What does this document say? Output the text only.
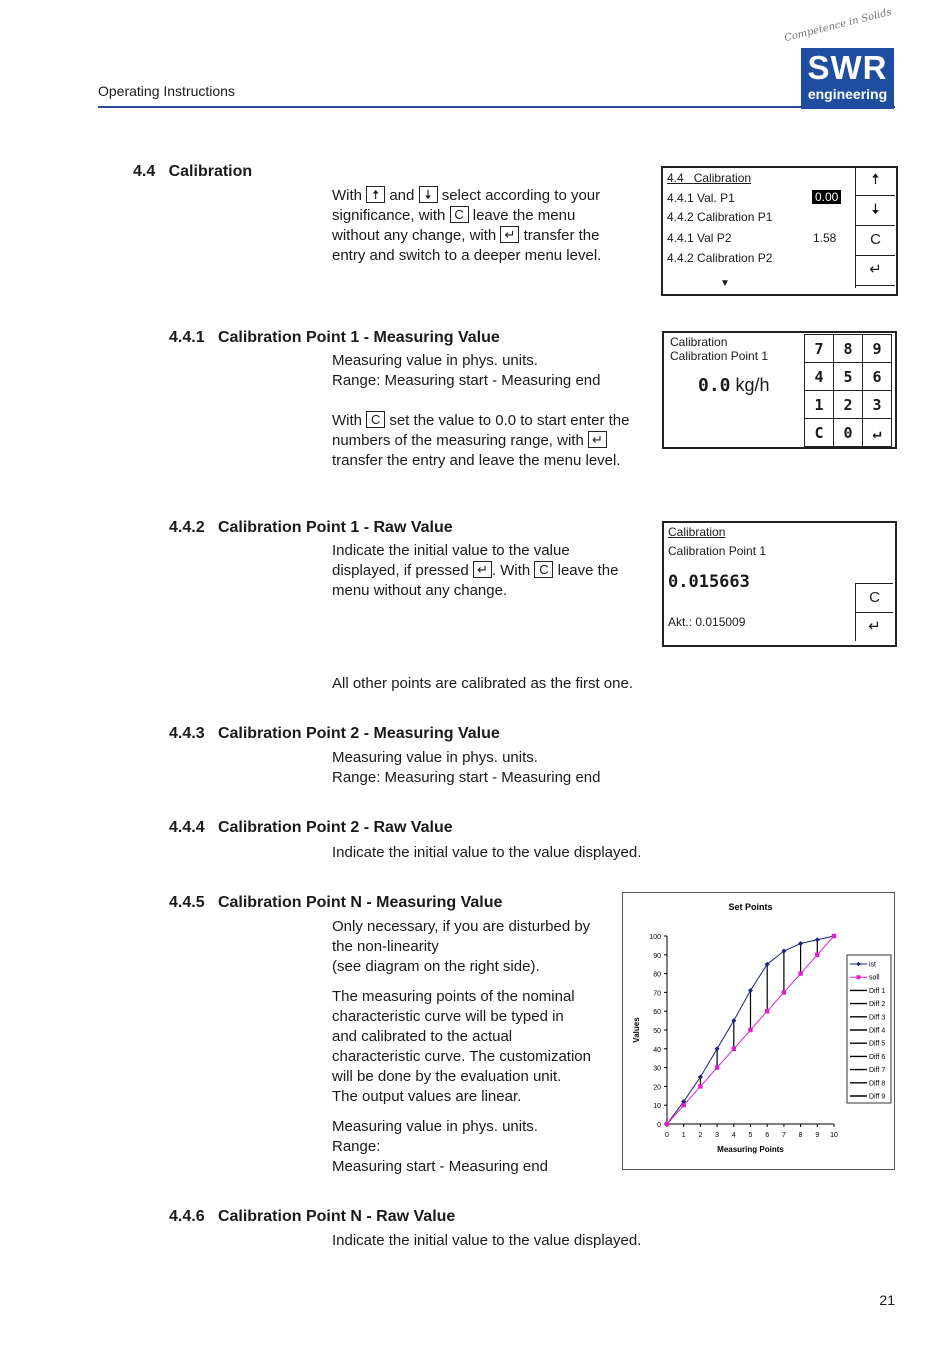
Operating Instructions
Competence in Solids
SWR
engineering
4.4 Calibration
With 🠅 and 🠇 select according to your
significance, with C leave the menu
without any change, with ↵ transfer the
entry and switch to a deeper menu level.
4.4 Calibration
4.4.1 Val. P1	0.00
4.4.2 Calibration P1
4.4.1 Val P2	1.58
4.4.2 Calibration P2
▼
🠅
🠇
C
↵
4.4.1 Calibration Point 1 - Measuring Value
Measuring value in phys. units.
Range: Measuring start - Measuring end
With C set the value to 0.0 to start enter the
numbers of the measuring range, with ↵
transfer the entry and leave the menu level.
Calibration
Calibration Point 1
0.0 kg/h
7	8	9
4	5	6
1	2	3
C	0	↵
4.4.2 Calibration Point 1 - Raw Value
Indicate the initial value to the value
displayed, if pressed ↵ . With C leave the
menu without any change.
Calibration
Calibration Point 1
0.015663
Akt.: 0.015009
C
↵
All other points are calibrated as the first one.
4.4.3 Calibration Point 2 - Measuring Value
Measuring value in phys. units.
Range: Measuring start - Measuring end
4.4.4 Calibration Point 2 - Raw Value
Indicate the initial value to the value displayed.
4.4.5 Calibration Point N - Measuring Value
Only necessary, if you are disturbed by
the non-linearity
(see diagram on the right side).
The measuring points of the nominal
characteristic curve will be typed in
and calibrated to the actual
characteristic curve. The customization
will be done by the evaluation unit.
The output values are linear.
Measuring value in phys. units.
Range:
Measuring start - Measuring end
Set Points
0
10
20
30
40
50
60
70
80
90
100
0 1 2 3 4 5 6 7 8 9 10
Measuring Points
Values
ist
soll
Diff 1
Diff 2
Diff 3
Diff 4
Diff 5
Diff 6
Diff 7
Diff 8
Diff 9
4.4.6 Calibration Point N - Raw Value
Indicate the initial value to the value displayed.
21
